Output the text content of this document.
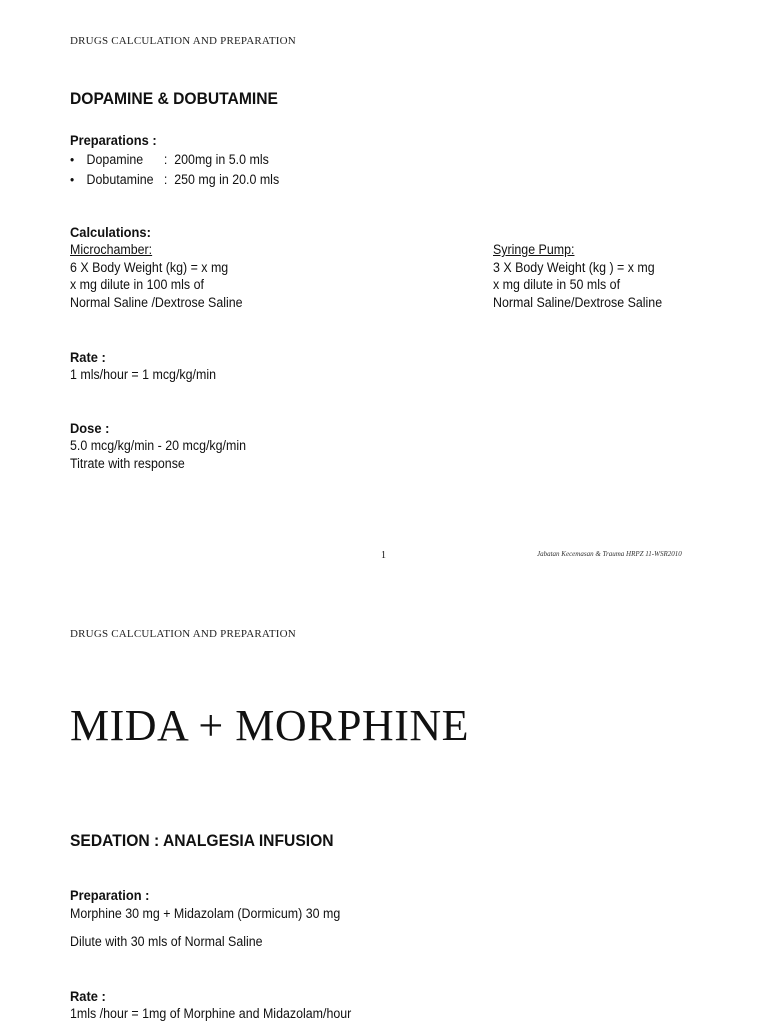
DRUGS CALCULATION AND PREPARATION
DOPAMINE & DOBUTAMINE
Preparations :
• Dopamine : 200mg in 5.0 mls
• Dobutamine : 250 mg in 20.0 mls
Calculations:
Microchamber:
6 X Body Weight (kg) = x mg
x mg dilute in 100 mls of
Normal Saline /Dextrose Saline
Syringe Pump:
3 X Body Weight (kg ) = x mg
x mg dilute in 50 mls of
Normal Saline/Dextrose Saline
Rate :
1 mls/hour = 1 mcg/kg/min
Dose :
5.0 mcg/kg/min - 20 mcg/kg/min
Titrate with response
1	Jabatan Kecemasan & Trauma HRPZ 11-WSR2010
DRUGS CALCULATION AND PREPARATION
MIDA + MORPHINE
SEDATION : ANALGESIA INFUSION
Preparation :
Morphine 30 mg + Midazolam (Dormicum) 30 mg
Dilute with 30 mls of Normal Saline
Rate :
1mls /hour = 1mg of Morphine and Midazolam/hour
